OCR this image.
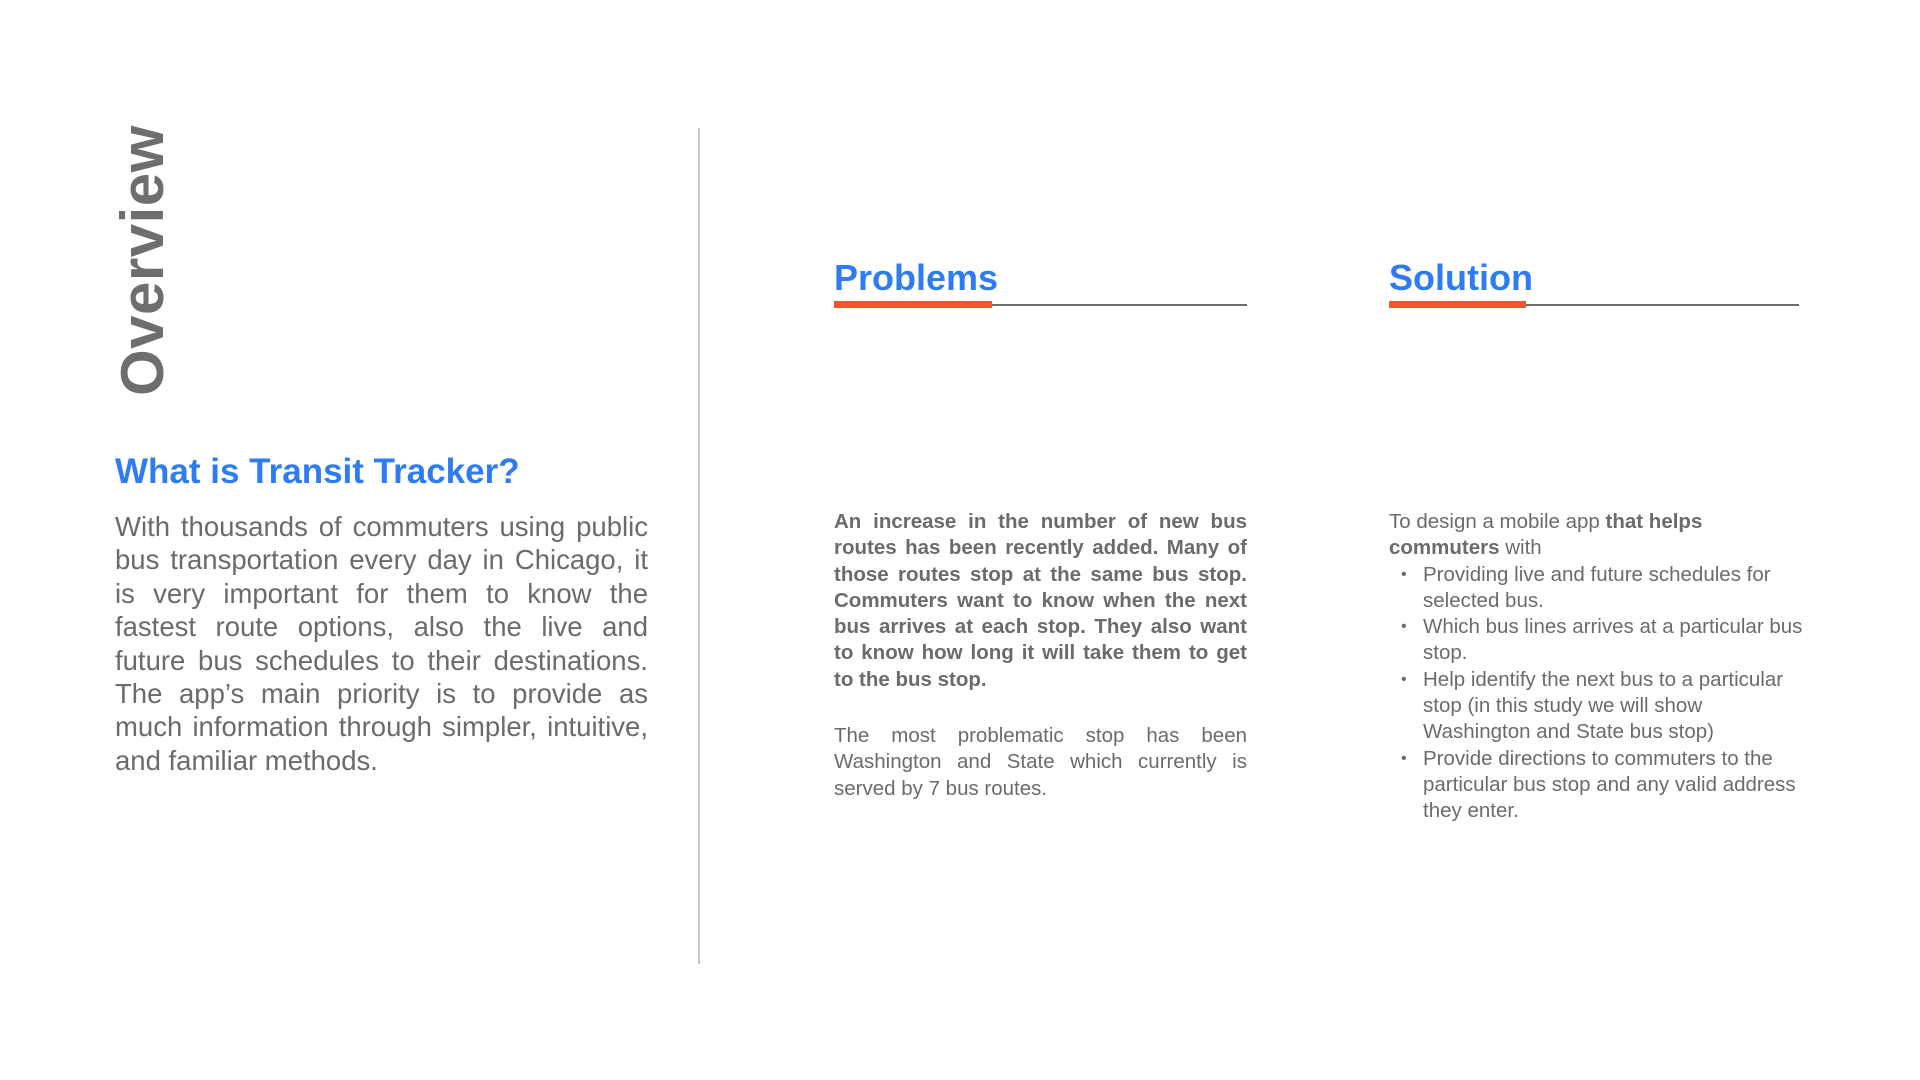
Overview
What is Transit Tracker?
With thousands of commuters using public bus transportation every day in Chicago, it is very important for them to know the fastest route options, also the live and future bus schedules to their destinations. The app’s main priority is to provide as much information through simpler, intuitive, and familiar methods.
Problems	Solution
An increase in the number of new bus routes has been recently added. Many of those routes stop at the same bus stop. Commuters want to know when the next bus arrives at each stop. They also want to know how long it will take them to get to the bus stop.
The most problematic stop has been Washington and State which currently is served by 7 bus routes.
To design a mobile app that helps commuters with
• Providing live and future schedules for selected bus.
• Which bus lines arrives at a particular bus stop.
• Help identify the next bus to a particular stop (in this study we will show Washington and State bus stop)
• Provide directions to commuters to the particular bus stop and any valid address they enter.
